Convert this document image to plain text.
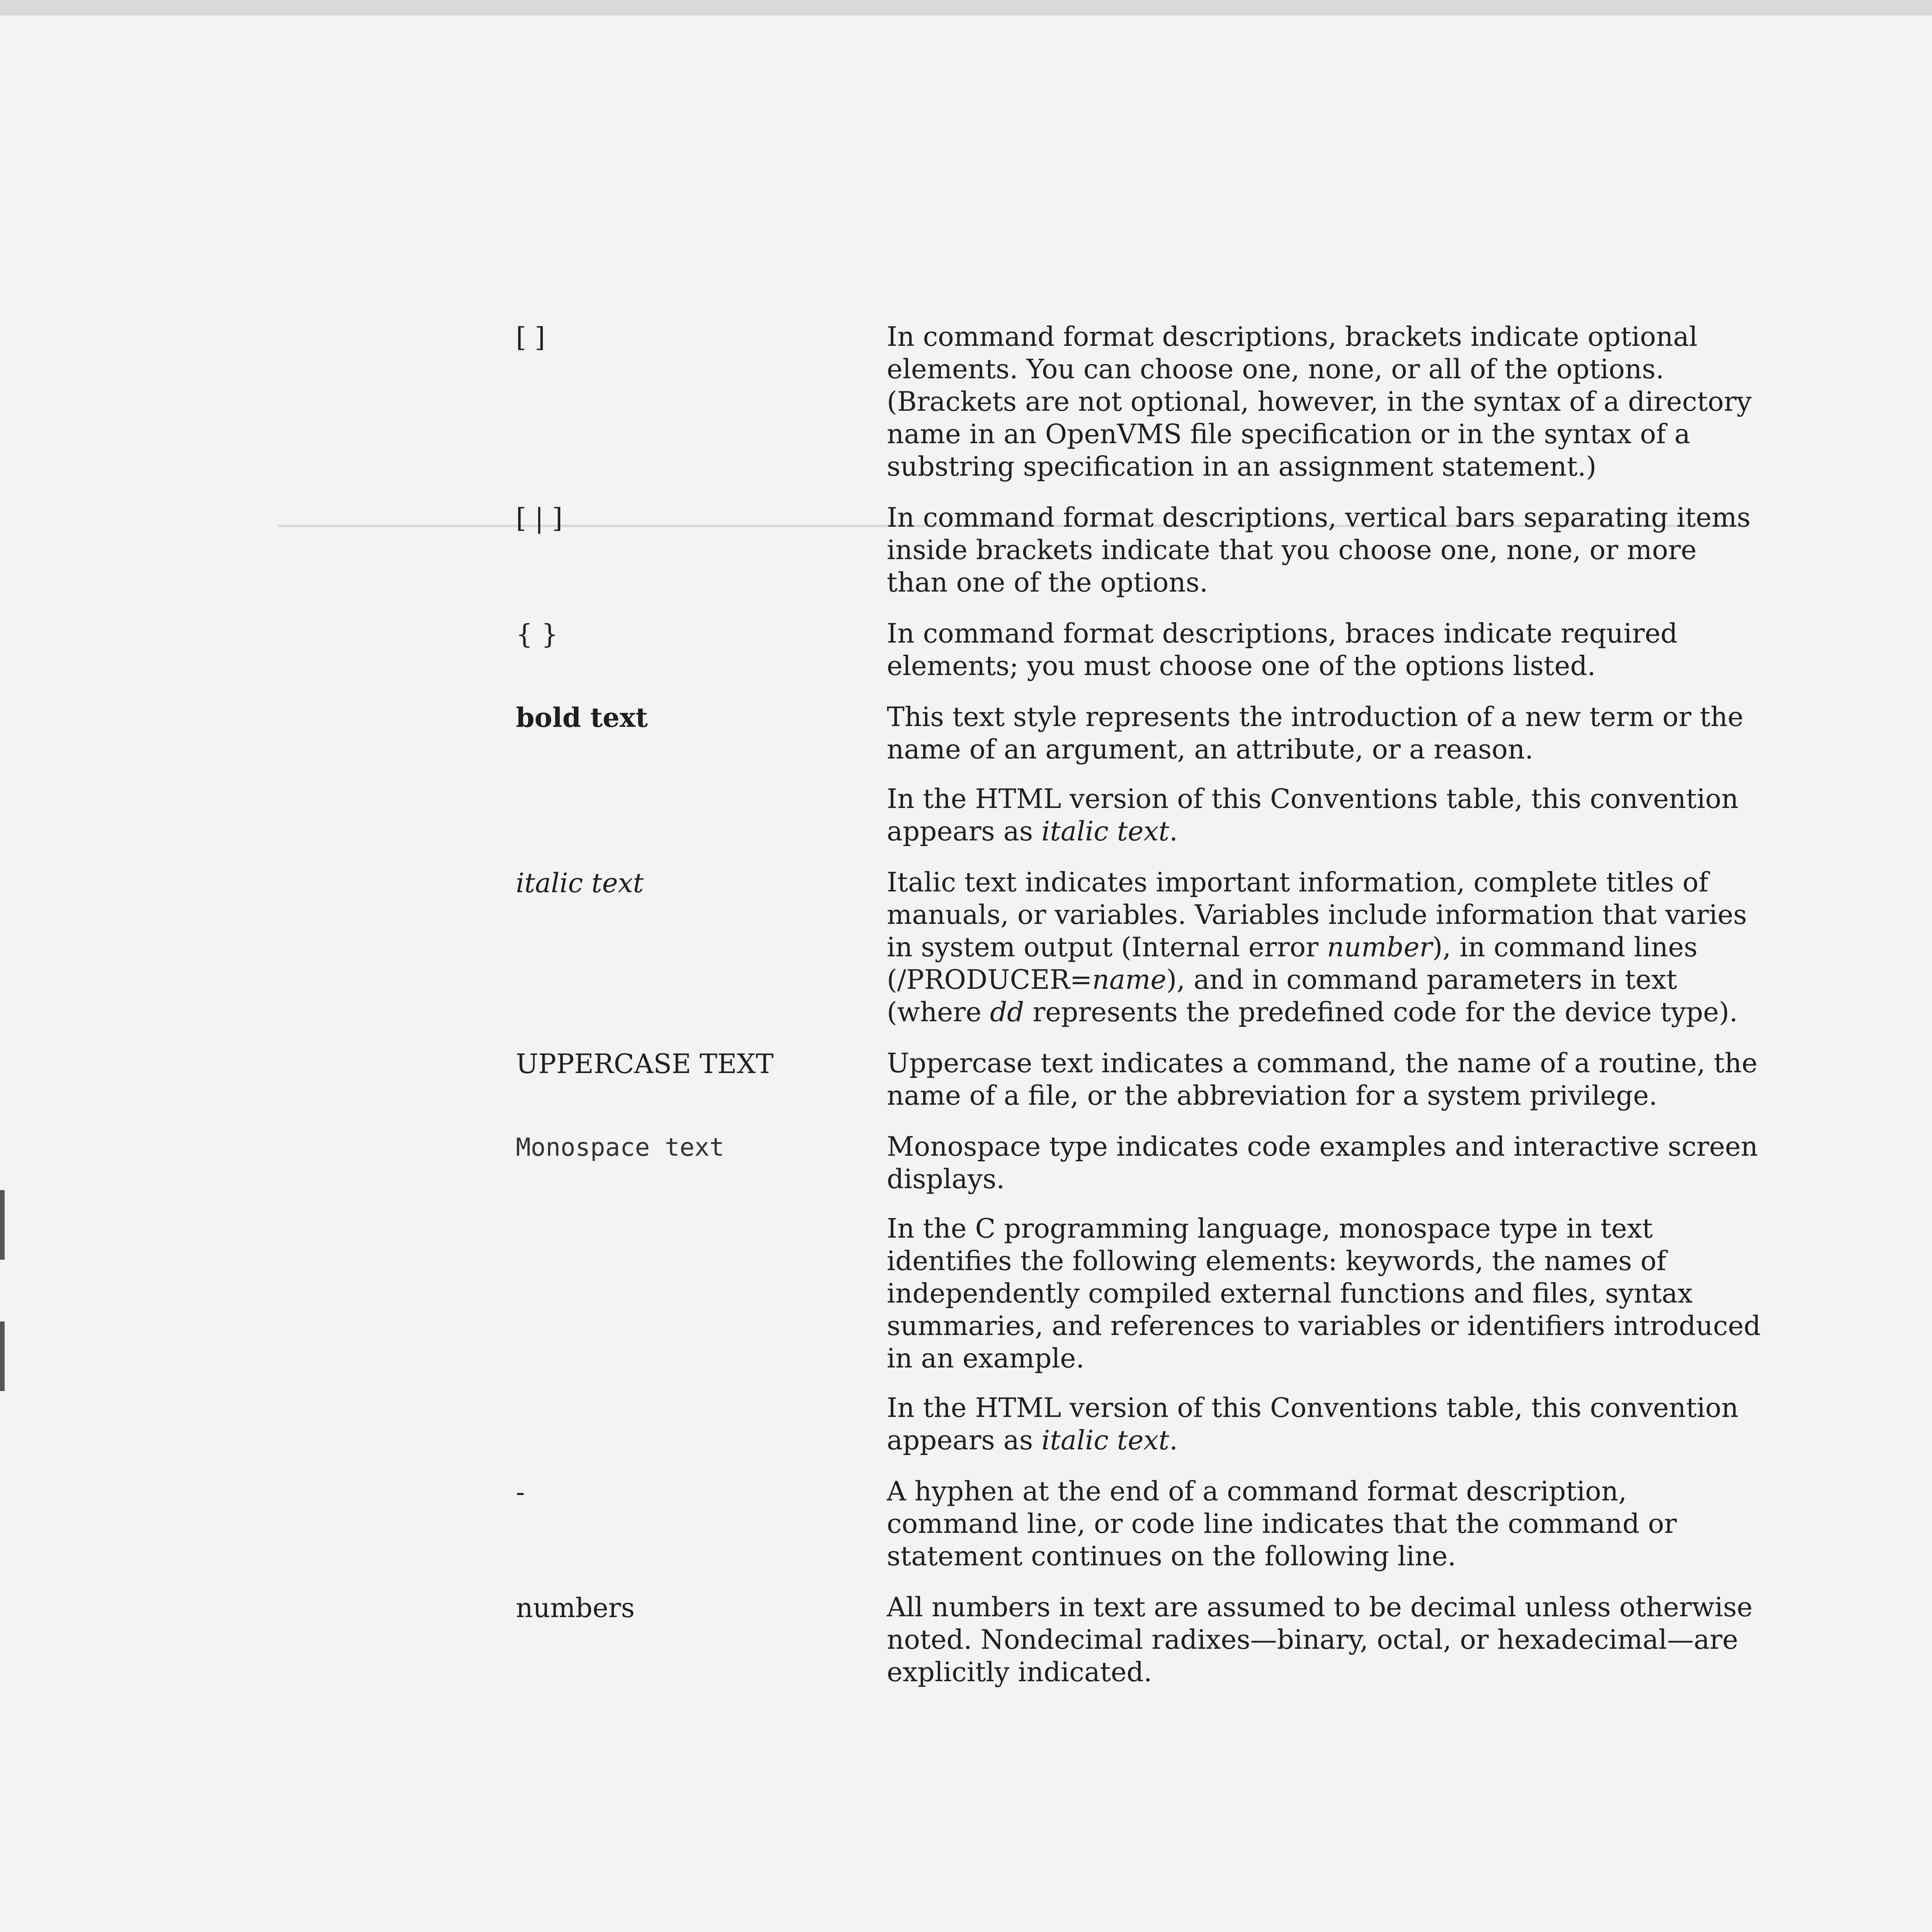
[ ]	In command format descriptions, brackets indicate optional elements. You can choose one, none, or all of the options. (Brackets are not optional, however, in the syntax of a directory name in an OpenVMS file specification or in the syntax of a substring specification in an assignment statement.)

[ | ]	In command format descriptions, vertical bars separating items inside brackets indicate that you choose one, none, or more than one of the options.

{ }	In command format descriptions, braces indicate required elements; you must choose one of the options listed.

bold text	This text style represents the introduction of a new term or the name of an argument, an attribute, or a reason.

In the HTML version of this Conventions table, this convention appears as italic text.

italic text	Italic text indicates important information, complete titles of manuals, or variables. Variables include information that varies in system output (Internal error number), in command lines (/PRODUCER=name), and in command parameters in text (where dd represents the predefined code for the device type).

UPPERCASE TEXT	Uppercase text indicates a command, the name of a routine, the name of a file, or the abbreviation for a system privilege.

Monospace text	Monospace type indicates code examples and interactive screen displays.

In the C programming language, monospace type in text identifies the following elements: keywords, the names of independently compiled external functions and files, syntax summaries, and references to variables or identifiers introduced in an example.

In the HTML version of this Conventions table, this convention appears as italic text.

-	A hyphen at the end of a command format description, command line, or code line indicates that the command or statement continues on the following line.

numbers	All numbers in text are assumed to be decimal unless otherwise noted. Nondecimal radixes—binary, octal, or hexadecimal—are explicitly indicated.
